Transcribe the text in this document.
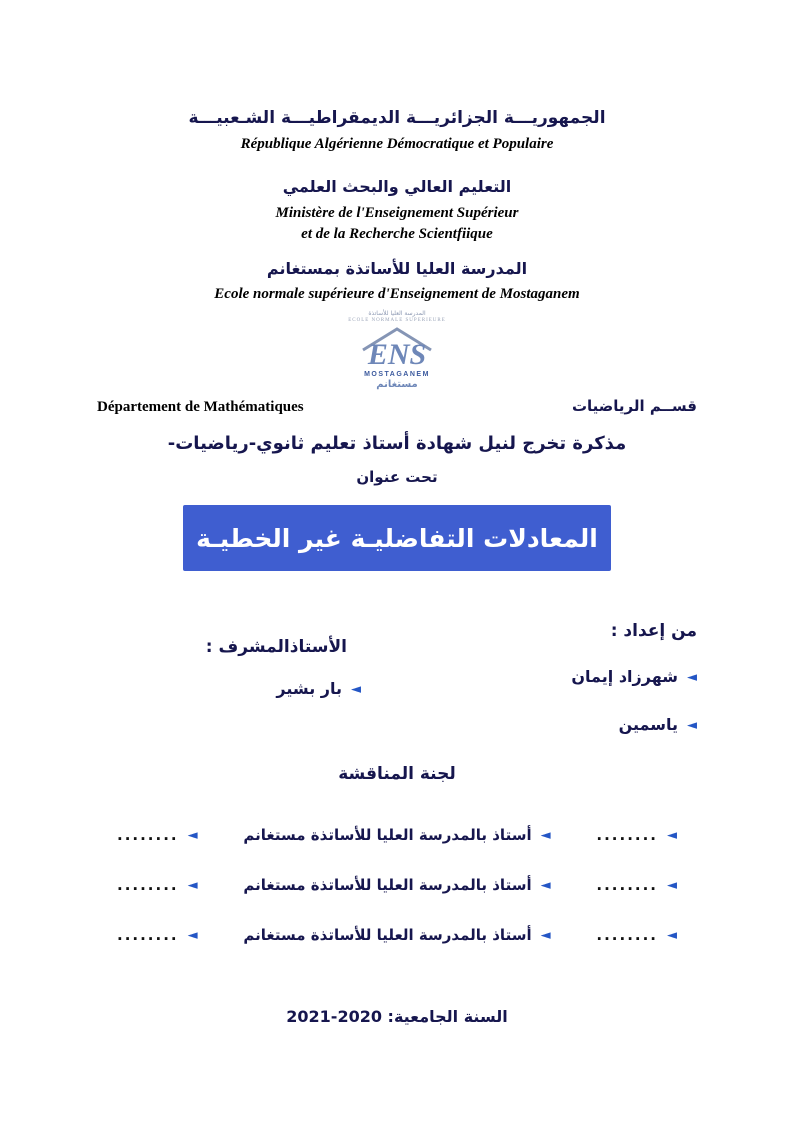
الجمهوريـــة الجزائريـــة الديمقراطيـــة الشـعبيـــة
République Algérienne Démocratique et Populaire
التعليم العالي والبحث العلمي
Ministère de l'Enseignement Supérieur
et de la Recherche Scientfiique
المدرسة العليا للأساتذة بمستغانم
Ecole normale supérieure d'Enseignement de Mostaganem
المدرسة العليا للأساتذة
ECOLE NORMALE SUPERIEURE
ENS
MOSTAGANEM
مستغانم
Département de Mathématiques	قســم الرياضيات
مذكرة تخرج لنيل شهادة أستاذ تعليم ثانوي-رياضيات-
تحت عنوان
المعادلات التفاضليـة غير الخطيـة
الأستاذالمشرف :
◄
بار بشير
من إعداد :
◄
شهرزاد إيمان

◄
ياسمين
لجنة المناقشة
◄
........
◄
أستاذ بالمدرسة العليا للأساتذة مستغانم
◄
........
◄
........
◄
أستاذ بالمدرسة العليا للأساتذة مستغانم
◄
........
◄
........
◄
أستاذ بالمدرسة العليا للأساتذة مستغانم
◄
........
السنة الجامعية: 2021-2020
